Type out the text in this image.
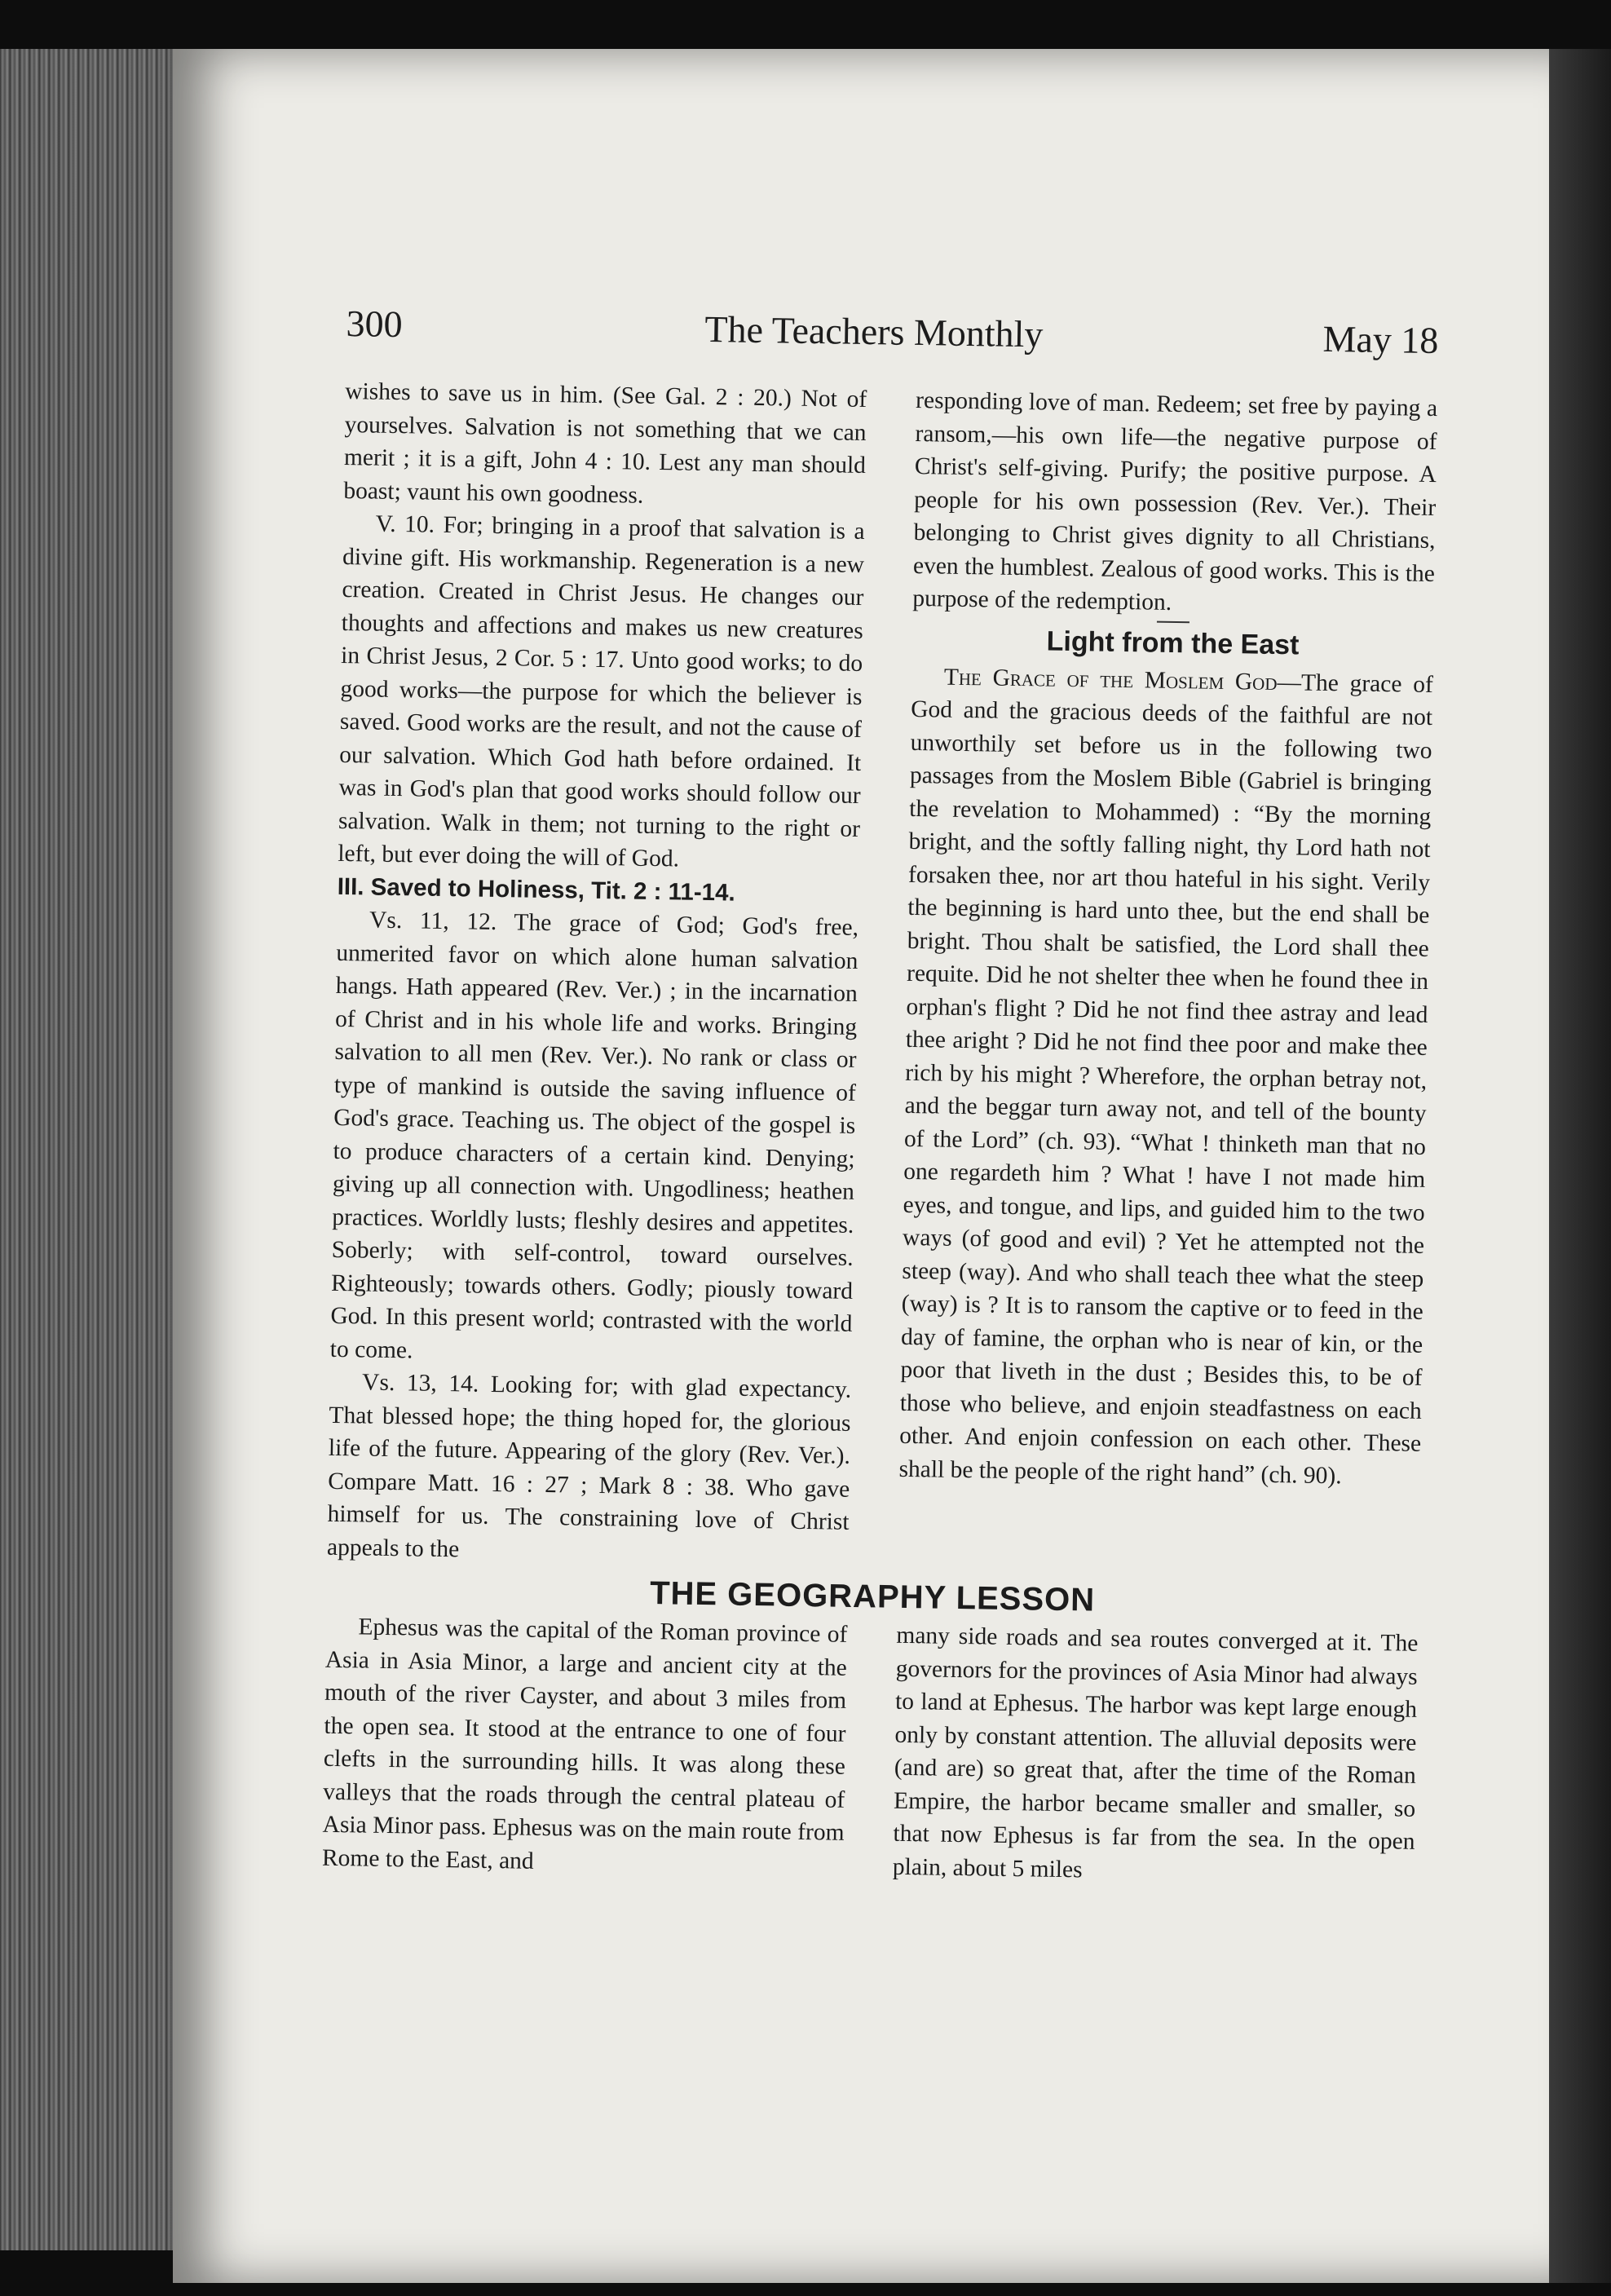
300	The Teachers Monthly	May 18

wishes to save us in him. (See Gal. 2 : 20.) Not of yourselves. Salvation is not something that we can merit ; it is a gift, John 4 : 10. Lest any man should boast; vaunt his own goodness.

V. 10. For; bringing in a proof that salvation is a divine gift. His workmanship. Regeneration is a new creation. Created in Christ Jesus. He changes our thoughts and affections and makes us new creatures in Christ Jesus, 2 Cor. 5 : 17. Unto good works; to do good works—the purpose for which the believer is saved. Good works are the result, and not the cause of our salvation. Which God hath before ordained. It was in God's plan that good works should follow our salvation. Walk in them; not turning to the right or left, but ever doing the will of God.

III. Saved to Holiness, Tit. 2 : 11-14.

Vs. 11, 12. The grace of God; God's free, unmerited favor on which alone human salvation hangs. Hath appeared (Rev. Ver.) ; in the incarnation of Christ and in his whole life and works. Bringing salvation to all men (Rev. Ver.). No rank or class or type of mankind is outside the saving influence of God's grace. Teaching us. The object of the gospel is to produce characters of a certain kind. Denying; giving up all connection with. Ungodliness; heathen practices. Worldly lusts; fleshly desires and appetites. Soberly; with self-control, toward ourselves. Righteously; towards others. Godly; piously toward God. In this present world; contrasted with the world to come.

Vs. 13, 14. Looking for; with glad expectancy. That blessed hope; the thing hoped for, the glorious life of the future. Appearing of the glory (Rev. Ver.). Compare Matt. 16 : 27 ; Mark 8 : 38. Who gave himself for us. The constraining love of Christ appeals to the

responding love of man. Redeem; set free by paying a ransom,—his own life—the negative purpose of Christ's self-giving. Purify; the positive purpose. A people for his own possession (Rev. Ver.). Their belonging to Christ gives dignity to all Christians, even the humblest. Zealous of good works. This is the purpose of the redemption.

Light from the East

The Grace of the Moslem God—The grace of God and the gracious deeds of the faithful are not unworthily set before us in the following two passages from the Moslem Bible (Gabriel is bringing the revelation to Mohammed) : “By the morning bright, and the softly falling night, thy Lord hath not forsaken thee, nor art thou hateful in his sight. Verily the beginning is hard unto thee, but the end shall be bright. Thou shalt be satisfied, the Lord shall thee requite. Did he not shelter thee when he found thee in orphan's flight ? Did he not find thee astray and lead thee aright ? Did he not find thee poor and make thee rich by his might ? Wherefore, the orphan betray not, and the beggar turn away not, and tell of the bounty of the Lord” (ch. 93). “What ! thinketh man that no one regardeth him ? What ! have I not made him eyes, and tongue, and lips, and guided him to the two ways (of good and evil) ? Yet he attempted not the steep (way). And who shall teach thee what the steep (way) is ? It is to ransom the captive or to feed in the day of famine, the orphan who is near of kin, or the poor that liveth in the dust ; Besides this, to be of those who believe, and enjoin steadfastness on each other. And enjoin confession on each other. These shall be the people of the right hand” (ch. 90).

THE GEOGRAPHY LESSON

Ephesus was the capital of the Roman province of Asia in Asia Minor, a large and ancient city at the mouth of the river Cayster, and about 3 miles from the open sea. It stood at the entrance to one of four clefts in the surrounding hills. It was along these valleys that the roads through the central plateau of Asia Minor pass. Ephesus was on the main route from Rome to the East, and

many side roads and sea routes converged at it. The governors for the provinces of Asia Minor had always to land at Ephesus. The harbor was kept large enough only by constant attention. The alluvial deposits were (and are) so great that, after the time of the Roman Empire, the harbor became smaller and smaller, so that now Ephesus is far from the sea. In the open plain, about 5 miles
